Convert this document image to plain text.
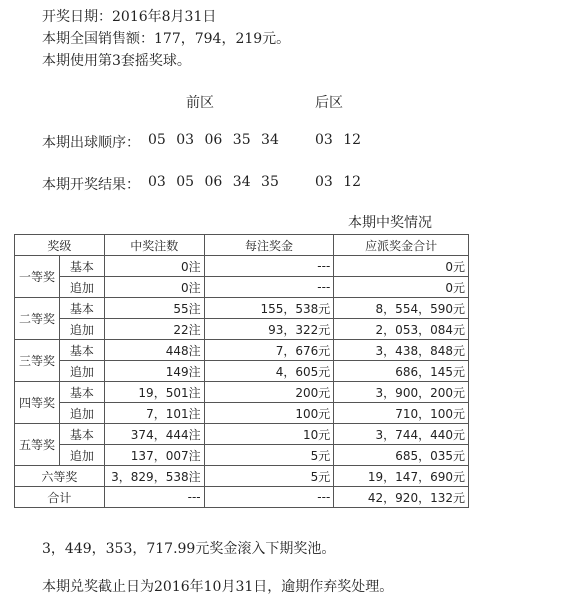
开奖日期：2016年8月31日
本期全国销售额：177，794，219元。
本期使用第3套摇奖球。
前区	后区
本期出球顺序： 05 03 06 35 34	03 12
本期开奖结果： 03 05 06 34 35	03 12
本期中奖情况
奖级		中奖注数	每注奖金	应派奖金合计
一等奖	基本	0注	---	0元
	追加	0注	---	0元
二等奖	基本	55注	155，538元	8，554，590元
	追加	22注	93，322元	2，053，084元
三等奖	基本	448注	7，676元	3，438，848元
	追加	149注	4，605元	686，145元
四等奖	基本	19，501注	200元	3，900，200元
	追加	7，101注	100元	710，100元
五等奖	基本	374，444注	10元	3，744，440元
	追加	137，007注	5元	685，035元
六等奖		3，829，538注	5元	19，147，690元
合计		---	---	42，920，132元
3，449，353，717.99元奖金滚入下期奖池。
本期兑奖截止日为2016年10月31日，逾期作弃奖处理。
